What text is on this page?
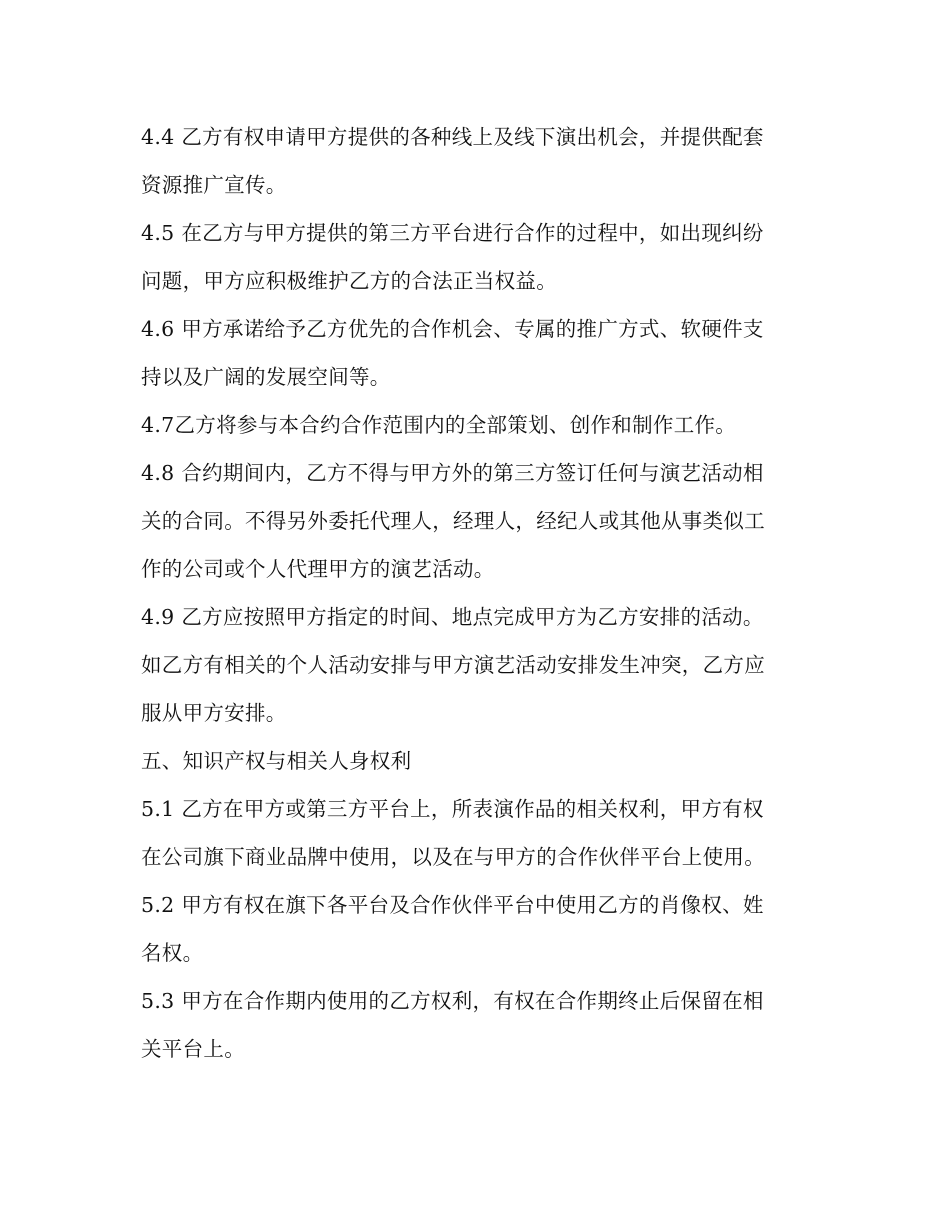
4.4 乙方有权申请甲方提供的各种线上及线下演出机会，并提供配套
资源推广宣传。
4.5 在乙方与甲方提供的第三方平台进行合作的过程中，如出现纠纷
问题，甲方应积极维护乙方的合法正当权益。
4.6 甲方承诺给予乙方优先的合作机会、专属的推广方式、软硬件支
持以及广阔的发展空间等。
4.7乙方将参与本合约合作范围内的全部策划、创作和制作工作。
4.8 合约期间内，乙方不得与甲方外的第三方签订任何与演艺活动相
关的合同。不得另外委托代理人，经理人，经纪人或其他从事类似工
作的公司或个人代理甲方的演艺活动。
4.9 乙方应按照甲方指定的时间、地点完成甲方为乙方安排的活动。
如乙方有相关的个人活动安排与甲方演艺活动安排发生冲突，乙方应
服从甲方安排。
五、知识产权与相关人身权利
5.1 乙方在甲方或第三方平台上，所表演作品的相关权利，甲方有权
在公司旗下商业品牌中使用，以及在与甲方的合作伙伴平台上使用。
5.2 甲方有权在旗下各平台及合作伙伴平台中使用乙方的肖像权、姓
名权。
5.3 甲方在合作期内使用的乙方权利，有权在合作期终止后保留在相
关平台上。
